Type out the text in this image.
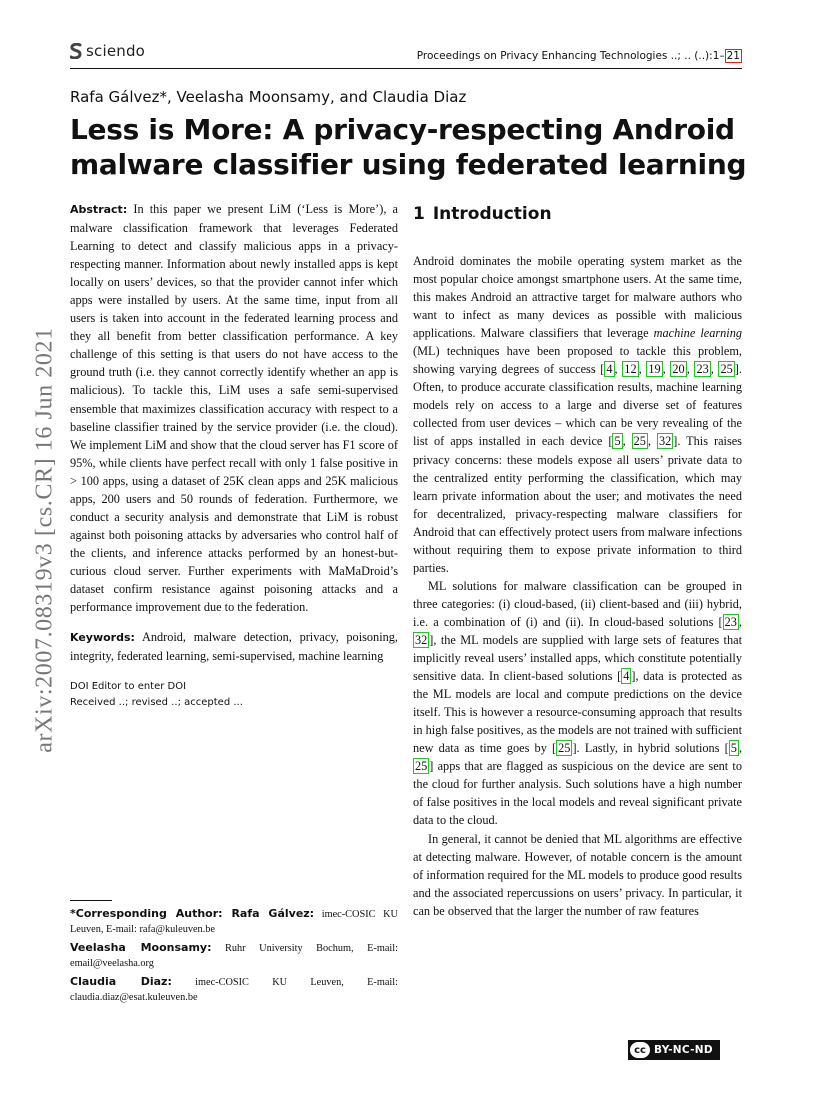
sciendo	Proceedings on Privacy Enhancing Technologies ..; .. (..):1– 21
Rafa Gálvez*, Veelasha Moonsamy, and Claudia Diaz
Less is More: A privacy-respecting Android malware classifier using federated learning

Abstract: In this paper we present LiM (‘Less is More’), a malware classification framework that leverages Federated Learning to detect and classify malicious apps in a privacy-respecting manner. Information about newly installed apps is kept locally on users’ devices, so that the provider cannot infer which apps were installed by users. At the same time, input from all users is taken into account in the federated learning process and they all benefit from better classification performance. A key challenge of this setting is that users do not have access to the ground truth (i.e. they cannot correctly identify whether an app is malicious). To tackle this, LiM uses a safe semi-supervised ensemble that maximizes classification accuracy with respect to a baseline classifier trained by the service provider (i.e. the cloud). We implement LiM and show that the cloud server has F1 score of 95%, while clients have perfect recall with only 1 false positive in > 100 apps, using a dataset of 25K clean apps and 25K malicious apps, 200 users and 50 rounds of federation. Furthermore, we conduct a security analysis and demonstrate that LiM is robust against both poisoning attacks by adversaries who control half of the clients, and inference attacks performed by an honest-but-curious cloud server. Further experiments with MaMaDroid’s dataset confirm resistance against poisoning attacks and a performance improvement due to the federation.

Keywords: Android, malware detection, privacy, poisoning, integrity, federated learning, semi-supervised, machine learning

DOI Editor to enter DOI
Received ..; revised ..; accepted ...

*Corresponding Author: Rafa Gálvez: imec-COSIC KU Leuven, E-mail: rafa@kuleuven.be

Veelasha Moonsamy: Ruhr University Bochum, E-mail: email@veelasha.org

Claudia Diaz: imec-COSIC KU Leuven, E-mail: claudia.diaz@esat.kuleuven.be

1 Introduction

Android dominates the mobile operating system market as the most popular choice amongst smartphone users. At the same time, this makes Android an attractive target for malware authors who want to infect as many devices as possible with malicious applications. Malware classifiers that leverage machine learning (ML) techniques have been proposed to tackle this problem, showing varying degrees of success [ 4 , 12 , 19 , 20 , 23 , 25 ]. Often, to produce accurate classification results, machine learning models rely on access to a large and diverse set of features collected from user devices – which can be very revealing of the list of apps installed in each device [ 5 , 25 , 32 ]. This raises privacy concerns: these models expose all users’ private data to the centralized entity performing the classification, which may learn private information about the user; and motivates the need for decentralized, privacy-respecting malware classifiers for Android that can effectively protect users from malware infections without requiring them to expose private information to third parties.

ML solutions for malware classification can be grouped in three categories: (i) cloud-based, (ii) client-based and (iii) hybrid, i.e. a combination of (i) and (ii). In cloud-based solutions [ 23 , 32 ], the ML models are supplied with large sets of features that implicitly reveal users’ installed apps, which constitute potentially sensitive data. In client-based solutions [ 4 ], data is protected as the ML models are local and compute predictions on the device itself. This is however a resource-consuming approach that results in high false positives, as the models are not trained with sufficient new data as time goes by [ 25 ]. Lastly, in hybrid solutions [ 5 , 25 ] apps that are flagged as suspicious on the device are sent to the cloud for further analysis. Such solutions have a high number of false positives in the local models and reveal significant private data to the cloud.

In general, it cannot be denied that ML algorithms are effective at detecting malware. However, of notable concern is the amount of information required for the ML models to produce good results and the associated repercussions on users’ privacy. In particular, it can be observed that the larger the number of raw features

cc BY-NC-ND
arXiv:2007.08319v3 [cs.CR] 16 Jun 2021
